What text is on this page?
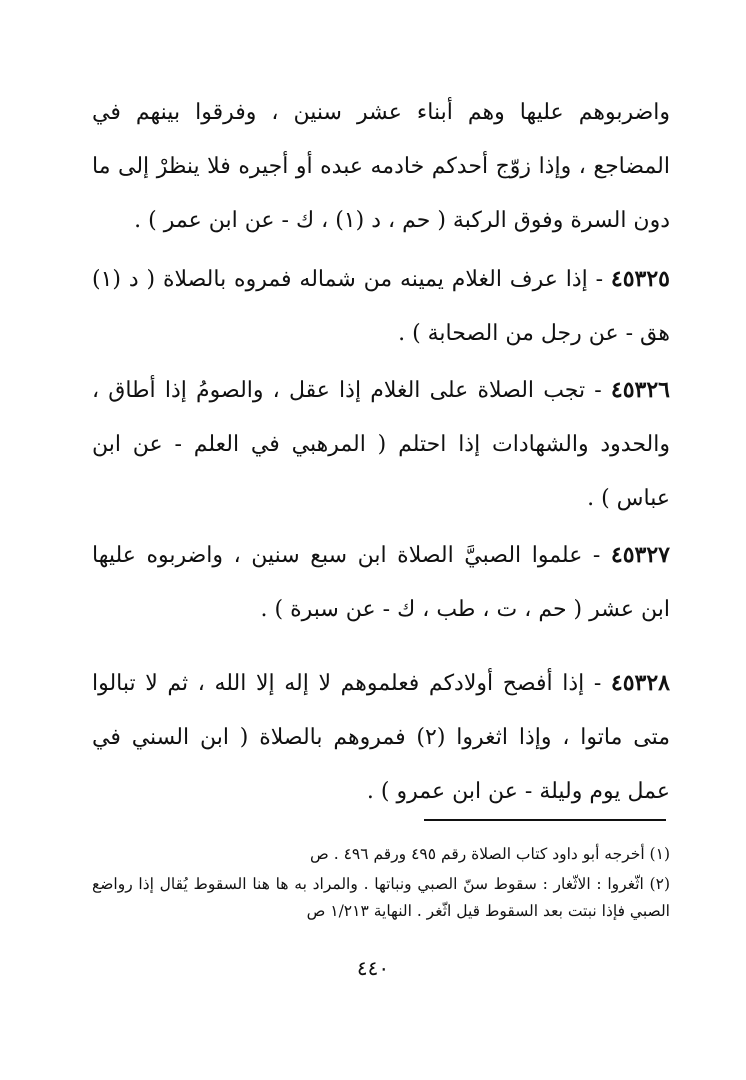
واضربوهم عليها وهم أبناء عشر سنين ، وفرقوا بينهم في المضاجع ، وإذا زوّج أحدكم خادمه عبده أو أجيره فلا ينظرْ إلى ما دون السرة وفوق الركبة ( حم ، د (١) ، ك - عن ابن عمر ) .

٤٥٣٢٥ - إذا عرف الغلام يمينه من شماله فمروه بالصلاة ( د (١) هق - عن رجل من الصحابة ) .

٤٥٣٢٦ - تجب الصلاة على الغلام إذا عقل ، والصومُ إذا أطاق ، والحدود والشهادات إذا احتلم ( المرهبي في العلم - عن ابن عباس ) .

٤٥٣٢٧ - علموا الصبيَّ الصلاة ابن سبع سنين ، واضربوه عليها ابن عشر ( حم ، ت ، طب ، ك - عن سبرة ) .

٤٥٣٢٨ - إذا أفصح أولادكم فعلموهم لا إله إلا الله ، ثم لا تبالوا متى ماتوا ، وإذا اثغروا (٢) فمروهم بالصلاة ( ابن السني في عمل يوم وليلة - عن ابن عمرو ) .

(١) أخرجه أبو داود كتاب الصلاة رقم ٤٩٥ ورقم ٤٩٦ . ص

(٢) اثّغروا : الاثّغار : سقوط سنّ الصبي ونباتها . والمراد به ها هنا السقوط يُقال إذا رواضع الصبي فإذا نبتت بعد السقوط قيل اثّغر . النهاية ١/٢١٣ ص

٤٤٠
